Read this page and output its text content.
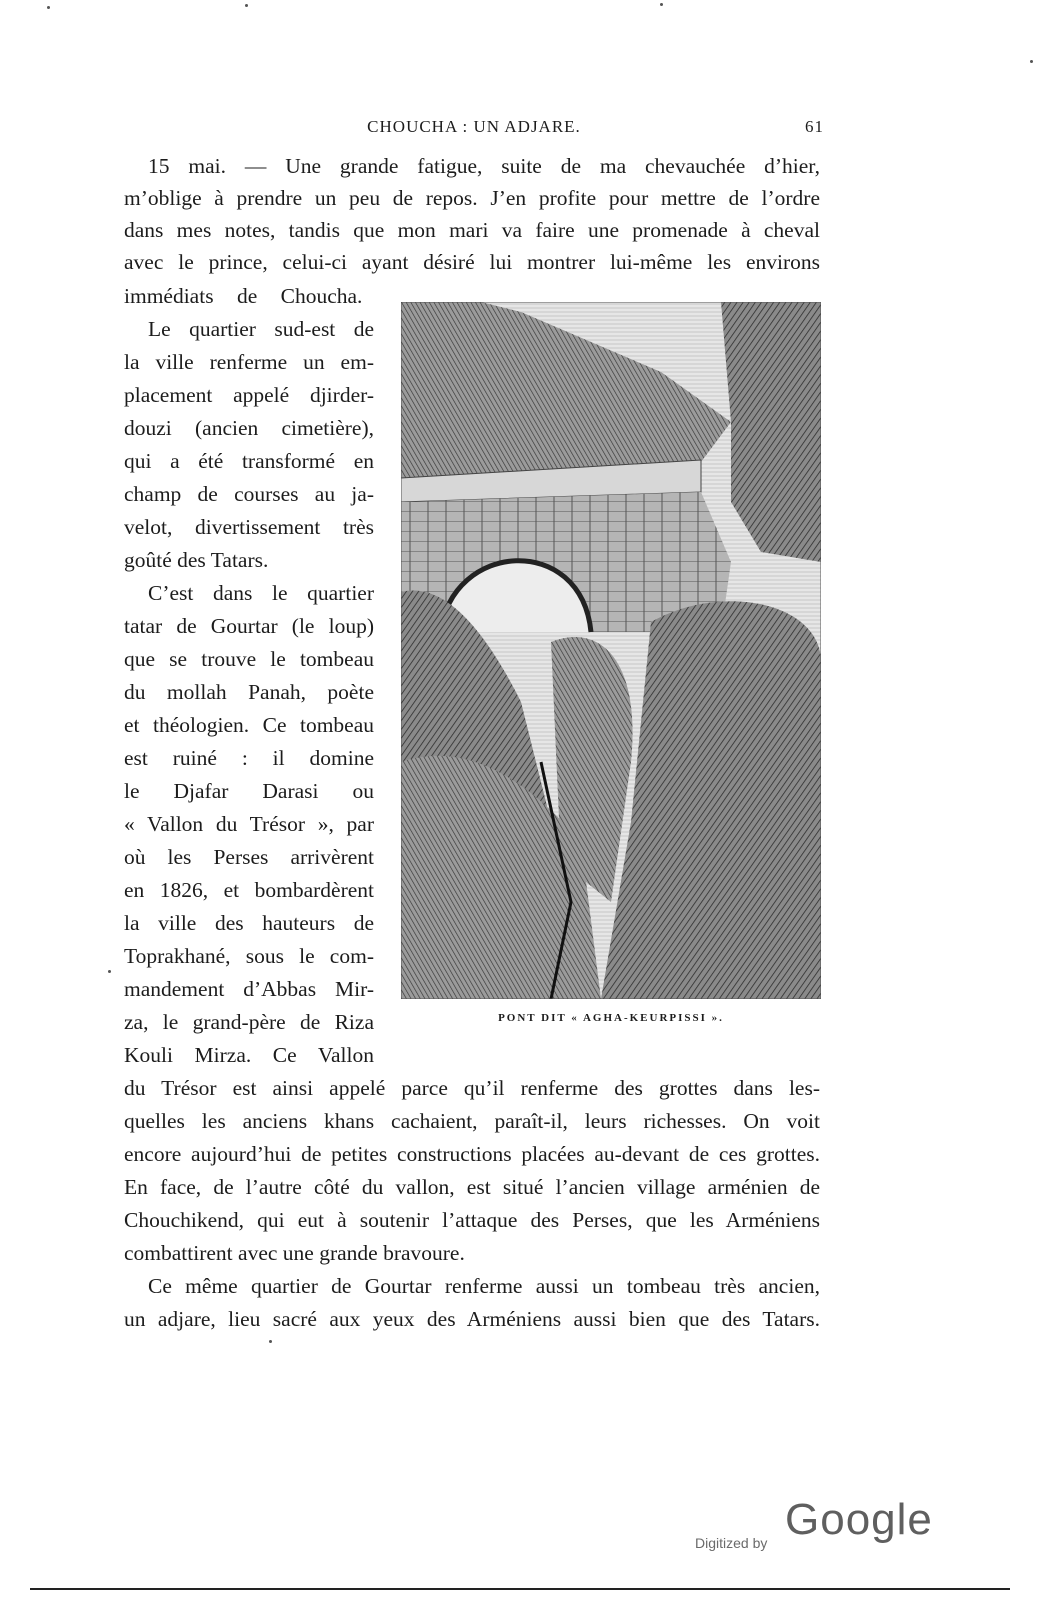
CHOUCHA : UN ADJARE.	61
15 mai. — Une grande fatigue, suite de ma chevauchée d’hier,
m’oblige à prendre un peu de repos. J’en profite pour mettre de l’ordre
dans mes notes, tandis que mon mari va faire une promenade à cheval
avec le prince, celui-ci ayant désiré lui montrer lui-même les environs
immédiats de Choucha.
Le quartier sud-est de
la ville renferme un em-
placement appelé djirder-
douzi (ancien cimetière),
qui a été transformé en
champ de courses au ja-
velot, divertissement très
goûté des Tatars.
C’est dans le quartier
tatar de Gourtar (le loup)
que se trouve le tombeau
du mollah Panah, poète
et théologien. Ce tombeau
est ruiné : il domine
le Djafar Darasi ou
« Vallon du Trésor », par
où les Perses arrivèrent
en 1826, et bombardèrent
la ville des hauteurs de
Toprakhané, sous le com-
mandement d’Abbas Mir-
za, le grand-père de Riza
Kouli Mirza. Ce Vallon
du Trésor est ainsi appelé parce qu’il renferme des grottes dans les-
quelles les anciens khans cachaient, paraît-il, leurs richesses. On voit
encore aujourd’hui de petites constructions placées au-devant de ces grottes.
En face, de l’autre côté du vallon, est situé l’ancien village arménien de
Chouchikend, qui eut à soutenir l’attaque des Perses, que les Arméniens
combattirent avec une grande bravoure.
Ce même quartier de Gourtar renferme aussi un tombeau très ancien,
un adjare, lieu sacré aux yeux des Arméniens aussi bien que des Tatars.
PONT DIT « AGHA-KEURPISSI ».
Digitized by Google
